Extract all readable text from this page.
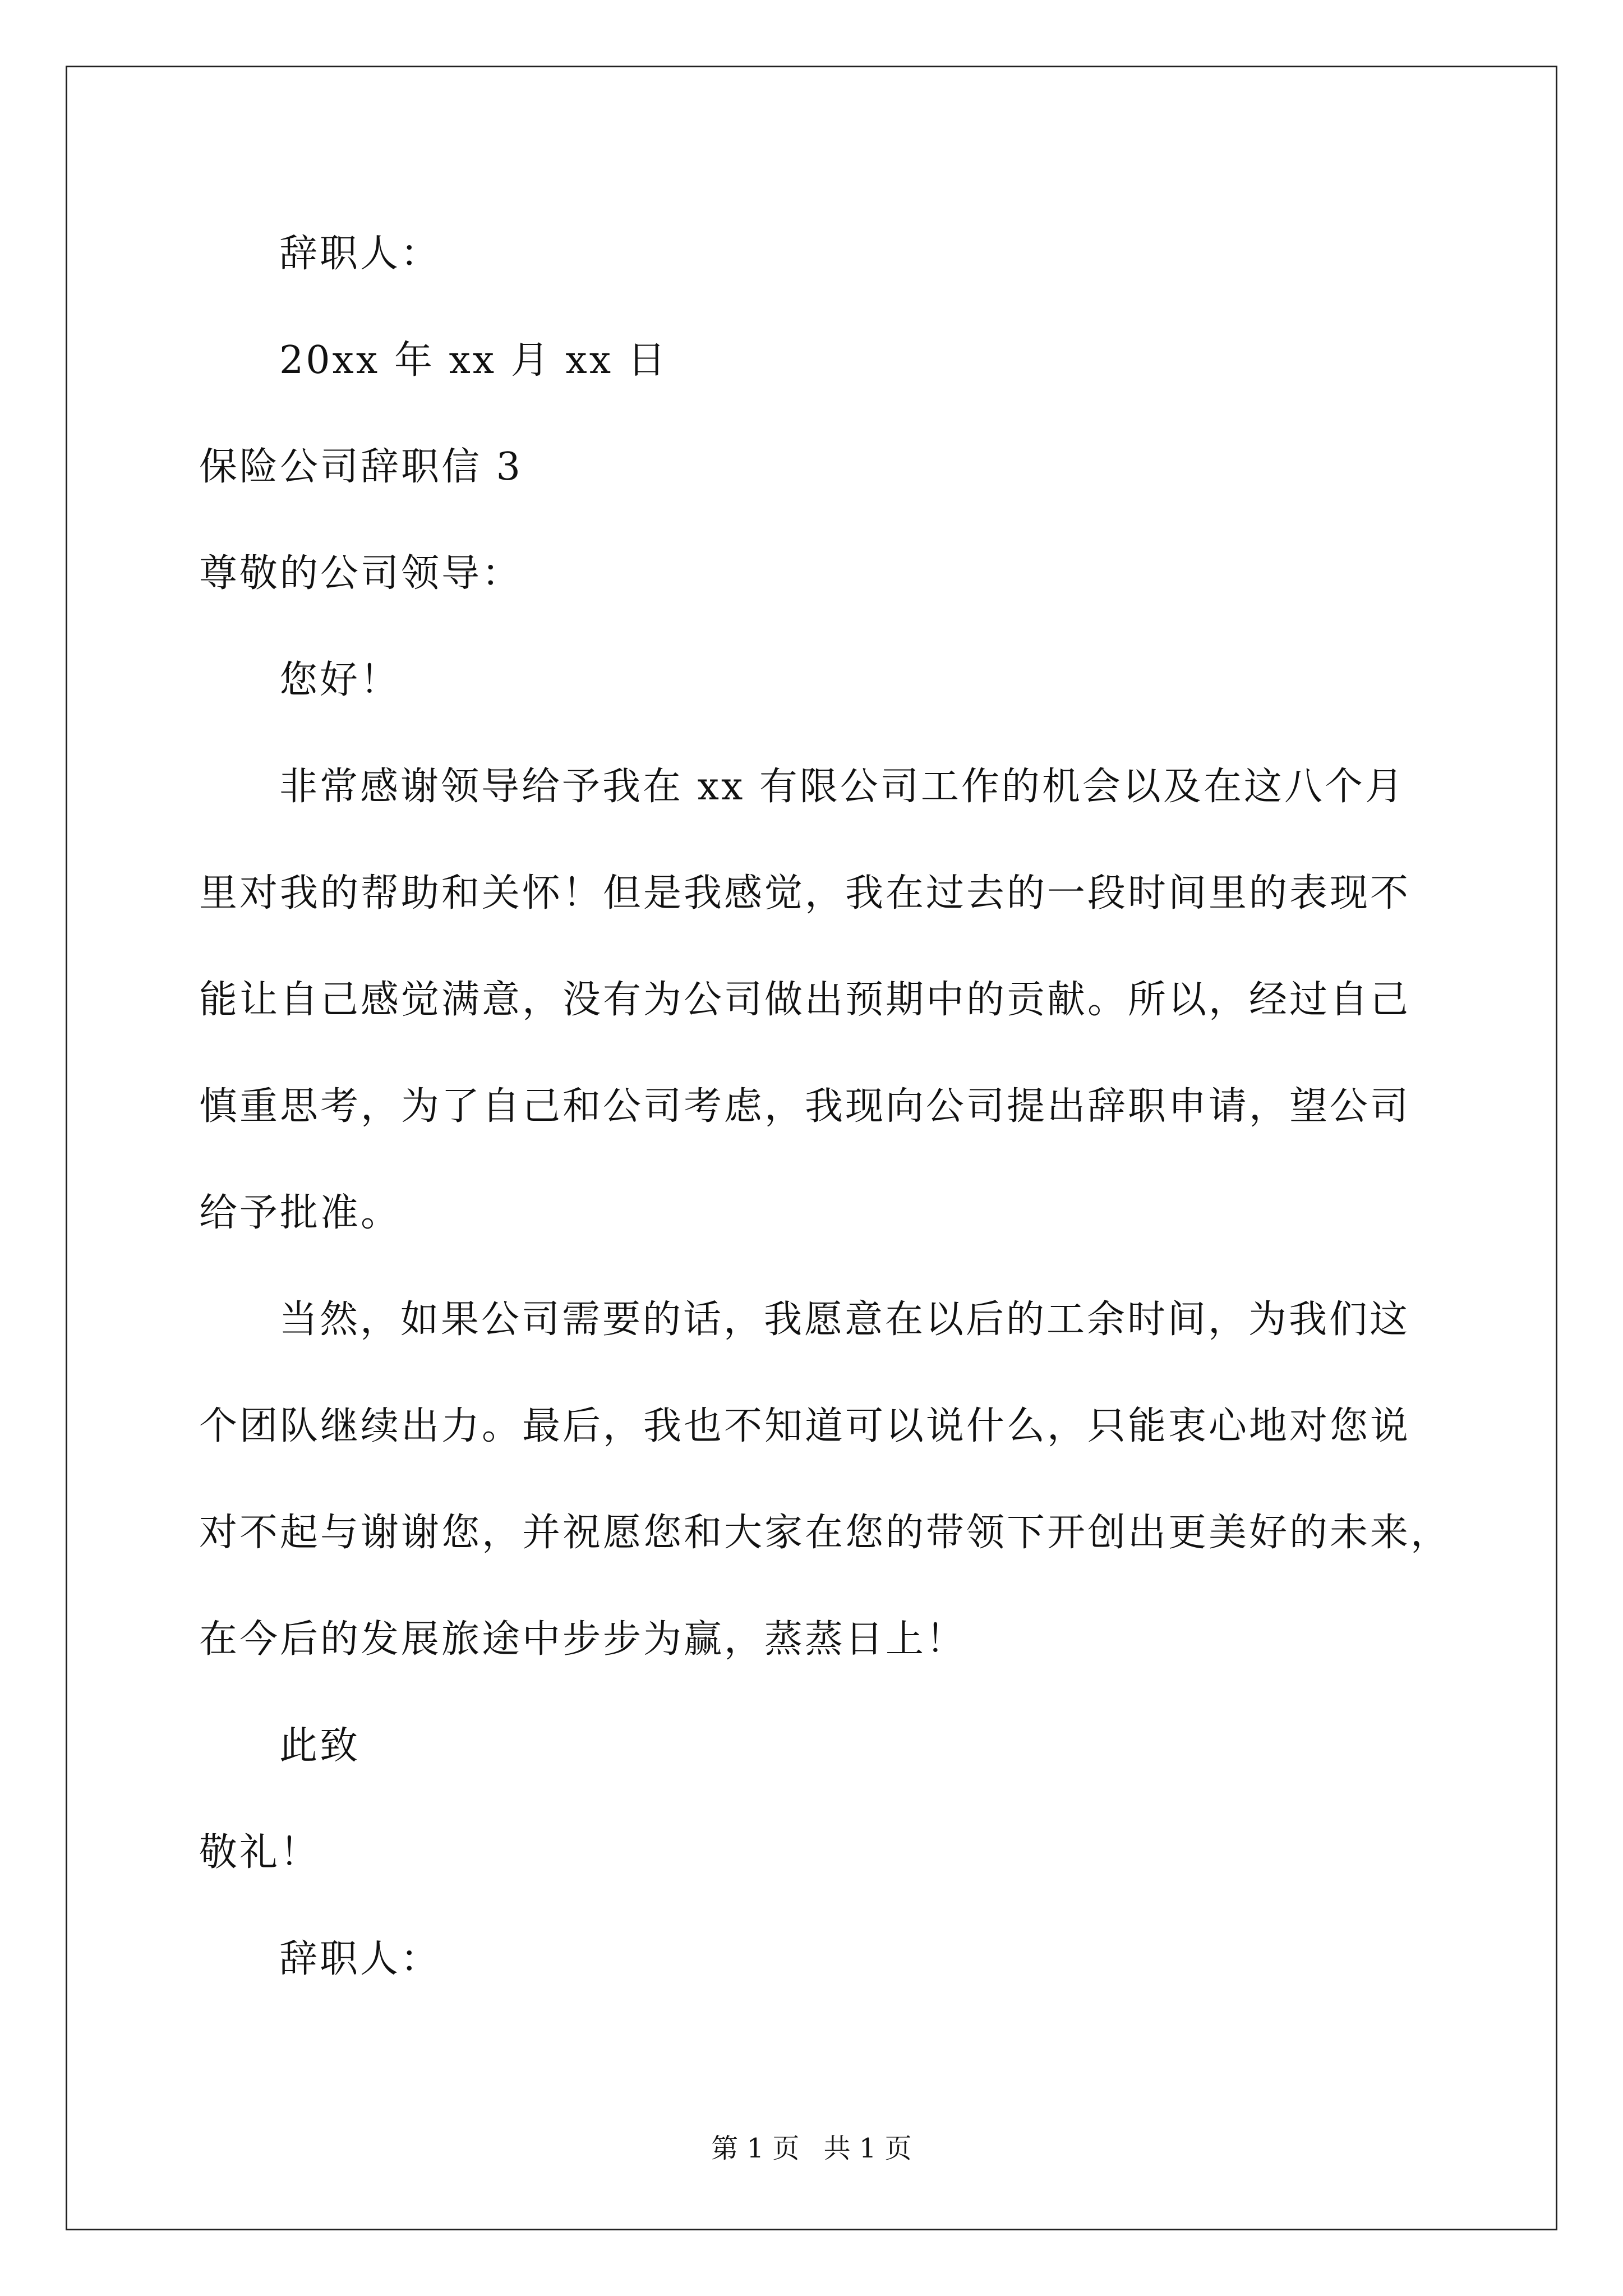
辞职人：
20xx 年 xx 月 xx 日
保险公司辞职信 3
尊敬的公司领导：
您好！
非常感谢领导给予我在 xx 有限公司工作的机会以及在这八个月
里对我的帮助和关怀！但是我感觉，我在过去的一段时间里的表现不
能让自己感觉满意，没有为公司做出预期中的贡献。所以，经过自己
慎重思考，为了自己和公司考虑，我现向公司提出辞职申请，望公司
给予批准。
当然，如果公司需要的话，我愿意在以后的工余时间，为我们这
个团队继续出力。最后，我也不知道可以说什么，只能衷心地对您说
对不起与谢谢您，并祝愿您和大家在您的带领下开创出更美好的未来，
在今后的发展旅途中步步为赢，蒸蒸日上！
此致
敬礼！
辞职人：
第 1 页 共 1 页
